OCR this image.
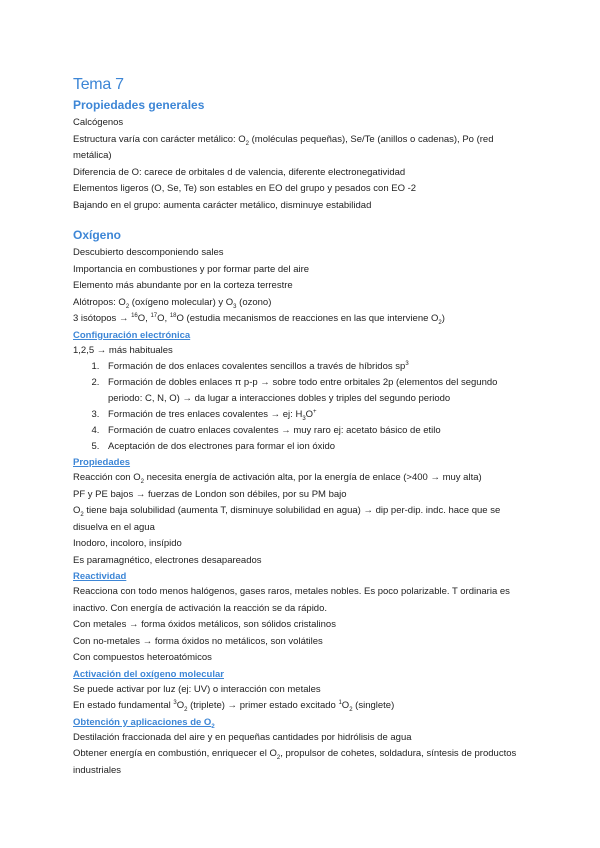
Tema 7
Propiedades generales

Calcógenos

Estructura varía con carácter metálico: $O_2$ (moléculas pequeñas), Se/Te (anillos o cadenas), Po (red metálica)

Diferencia de O: carece de orbitales d de valencia, diferente electronegatividad

Elementos ligeros (O, Se, Te) son estables en EO del grupo y pesados con EO -2

Bajando en el grupo: aumenta carácter metálico, disminuye estabilidad

Oxígeno

Descubierto descomponiendo sales

Importancia en combustiones y por formar parte del aire

Elemento más abundante por en la corteza terrestre

Alótropos: $O_2$ (oxígeno molecular) y $O_3$ (ozono)

3 isótopos → $^{16}$O, $^{17}$O, $^{18}$O (estudia mecanismos de reacciones en las que interviene $O_2$)

Configuración electrónica

1,2,5 → más habituales

1. Formación de dos enlaces covalentes sencillos a través de híbridos $sp^3$
2. Formación de dobles enlaces π p-p → sobre todo entre orbitales 2p (elementos del segundo periodo: C, N, O) → da lugar a interacciones dobles y triples del segundo periodo
3. Formación de tres enlaces covalentes → ej: $H_3O^+$
4. Formación de cuatro enlaces covalentes → muy raro ej: acetato básico de etilo
5. Aceptación de dos electrones para formar el ion óxido

Propiedades

Reacción con $O_2$ necesita energía de activación alta, por la energía de enlace (>400 → muy alta)

PF y PE bajos → fuerzas de London son débiles, por su PM bajo

$O_2$ tiene baja solubilidad (aumenta T, disminuye solubilidad en agua) → dip per-dip. indc. hace que se disuelva en el agua

Inodoro, incoloro, insípido

Es paramagnético, electrones desapareados

Reactividad

Reacciona con todo menos halógenos, gases raros, metales nobles. Es poco polarizable. T ordinaria es inactivo. Con energía de activación la reacción se da rápido.

Con metales → forma óxidos metálicos, son sólidos cristalinos

Con no-metales → forma óxidos no metálicos, son volátiles

Con compuestos heteroatómicos

Activación del oxígeno molecular

Se puede activar por luz (ej: UV) o interacción con metales

En estado fundamental $^3O_2$ (triplete) → primer estado excitado $^1O_2$ (singlete)

Obtención y aplicaciones de $O_2$

Destilación fraccionada del aire y en pequeñas cantidades por hidrólisis de agua

Obtener energía en combustión, enriquecer el $O_2$, propulsor de cohetes, soldadura, síntesis de productos industriales
